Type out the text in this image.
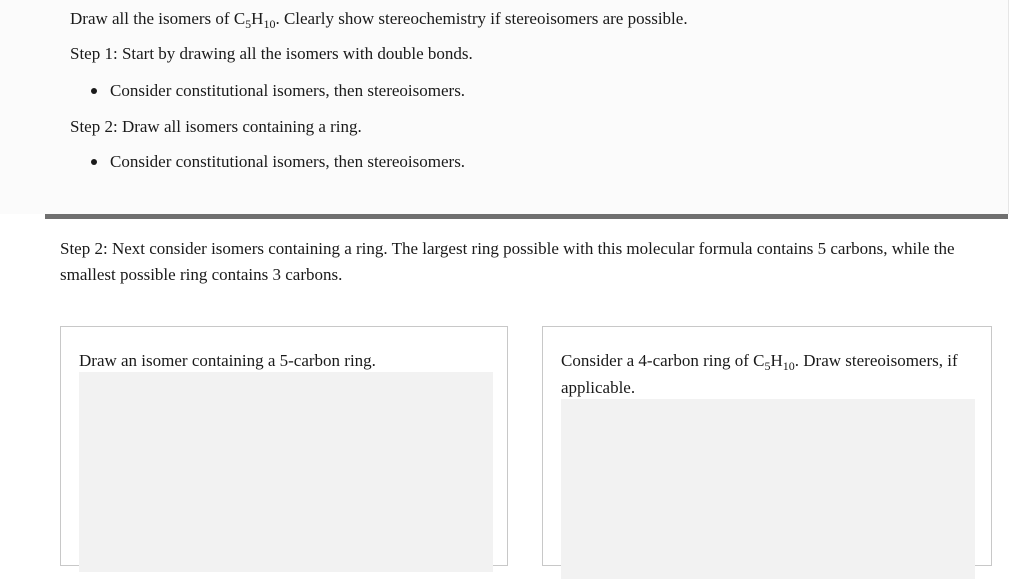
Draw all the isomers of $C_5H_{10}$. Clearly show stereochemistry if stereoisomers are possible.
Step 1: Start by drawing all the isomers with double bonds.
Consider constitutional isomers, then stereoisomers.
Step 2: Draw all isomers containing a ring.
Consider constitutional isomers, then stereoisomers.
Step 2: Next consider isomers containing a ring. The largest ring possible with this molecular formula contains 5 carbons, while the smallest possible ring contains 3 carbons.
Draw an isomer containing a 5-carbon ring.	Consider a 4-carbon ring of $C_5H_{10}$. Draw stereoisomers, if applicable.
